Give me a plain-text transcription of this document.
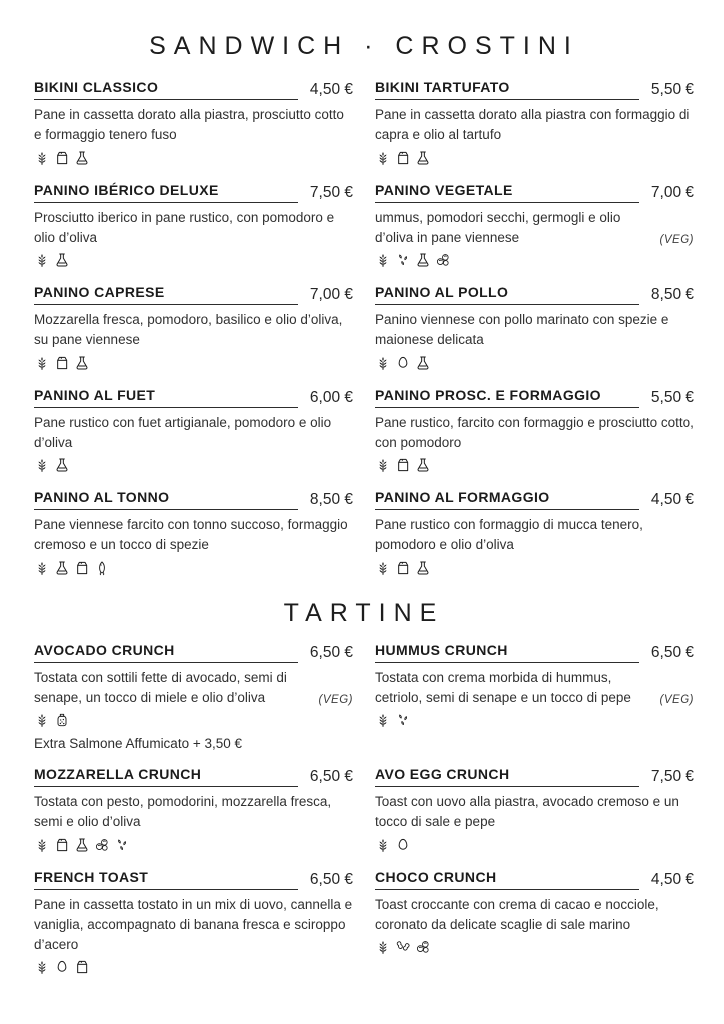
SANDWICH · CROSTINI
BIKINI CLASSICO	4,50 €

Pane in cassetta dorato alla piastra, prosciutto cotto e formaggio tenero fuso

BIKINI TARTUFATO	5,50 €

Pane in cassetta dorato alla piastra con formaggio di capra e olio al tartufo

PANINO IBÉRICO DELUXE	7,50 €

Prosciutto iberico in pane rustico, con pomodoro e olio d’oliva

PANINO VEGETALE	7,00 €

ummus, pomodori secchi, germogli e olio d’oliva in pane viennese	(VEG)
PANINO CAPRESE	7,00 €

Mozzarella fresca, pomodoro, basilico e olio d’oliva, su pane viennese

PANINO AL POLLO	8,50 €

Panino viennese con pollo marinato con spezie e maionese delicata

PANINO AL FUET	6,00 €

Pane rustico con fuet artigianale, pomodoro e olio d’oliva

PANINO PROSC. E FORMAGGIO	5,50 €

Pane rustico, farcito con formaggio e prosciutto cotto, con pomodoro

PANINO AL TONNO	8,50 €

Pane viennese farcito con tonno succoso, formaggio cremoso e un tocco di spezie

PANINO AL FORMAGGIO	4,50 €

Pane rustico con formaggio di mucca tenero, pomodoro e olio d’oliva

TARTINE
AVOCADO CRUNCH	6,50 €

Tostata con sottili fette di avocado, semi di senape, un tocco di miele e olio d’oliva	(VEG)

Extra Salmone Affumicato + 3,50 €

HUMMUS CRUNCH	6,50 €

Tostata con crema morbida di hummus, cetriolo, semi di senape e un tocco di pepe	(VEG)
MOZZARELLA CRUNCH	6,50 €

Tostata con pesto, pomodorini, mozzarella fresca, semi e olio d’oliva

AVO EGG CRUNCH	7,50 €

Toast con uovo alla piastra, avocado cremoso e un tocco di sale e pepe

FRENCH TOAST	6,50 €

Pane in cassetta tostato in un mix di uovo, cannella e vaniglia, accompagnato di banana fresca e sciroppo d’acero

CHOCO CRUNCH	4,50 €

Toast croccante con crema di cacao e nocciole, coronato da delicate scaglie di sale marino
